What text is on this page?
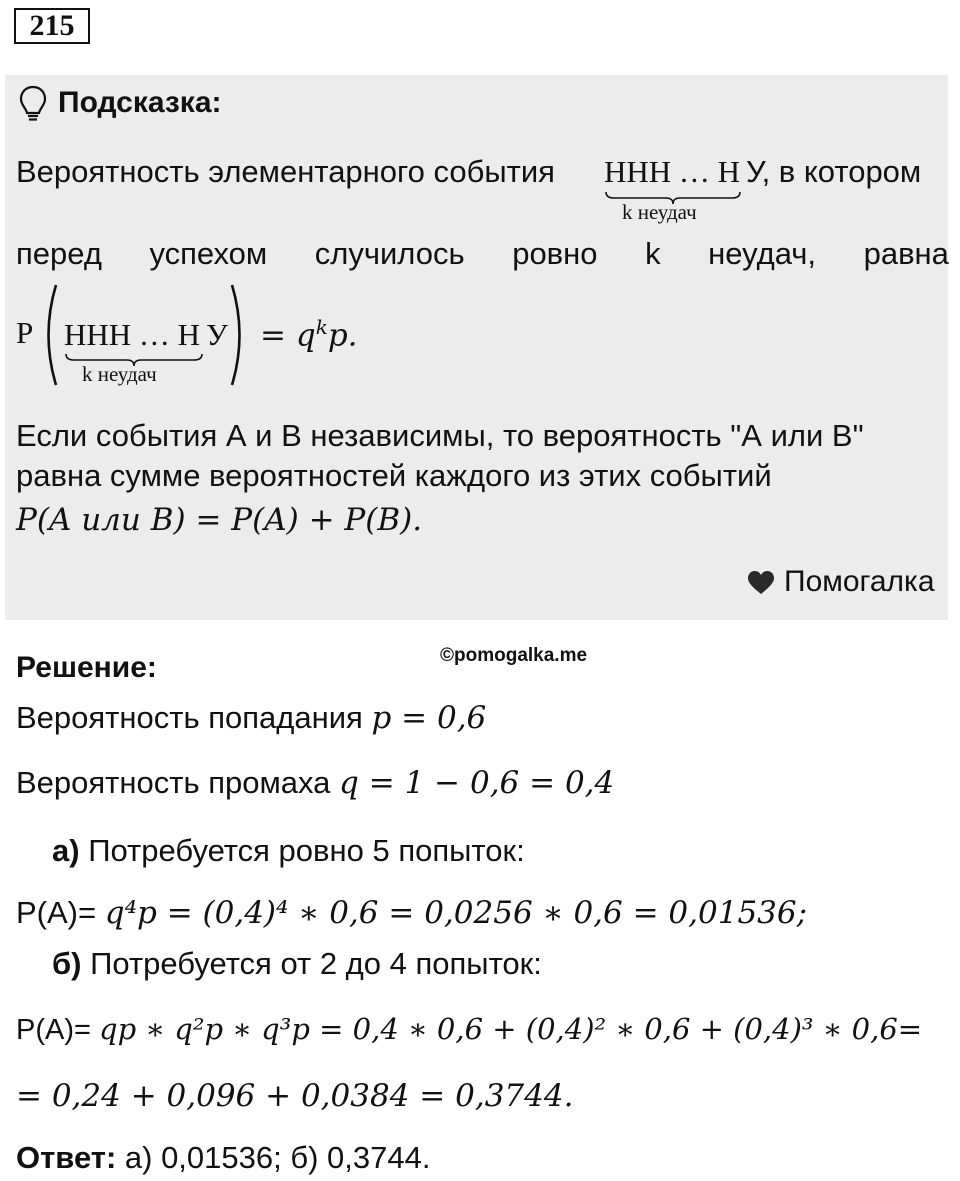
215
Подсказка:
Вероятность элементарного события ННН … Н
k неудач
У, в котором
перед успехом случилось ровно k неудач, равна
P ННН … Н
k неудач
$У = q^kp$.
Если события А и В независимы, то вероятность "А или В"
равна сумме вероятностей каждого из этих событий
P(A или B) = P(A) + P(B).
Помогалка
©pomogalka.me
Решение:
Вероятность попадания p = 0,6
Вероятность промаха q = 1 − 0,6 = 0,4
а) Потребуется ровно 5 попыток:
P(A)= q⁴p = (0,4)⁴ ∗ 0,6 = 0,0256 ∗ 0,6 = 0,01536;
б) Потребуется от 2 до 4 попыток:
P(A)= qp ∗ q²p ∗ q³p = 0,4 ∗ 0,6 + (0,4)² ∗ 0,6 + (0,4)³ ∗ 0,6=
= 0,24 + 0,096 + 0,0384 = 0,3744.
Ответ: а) 0,01536; б) 0,3744.
